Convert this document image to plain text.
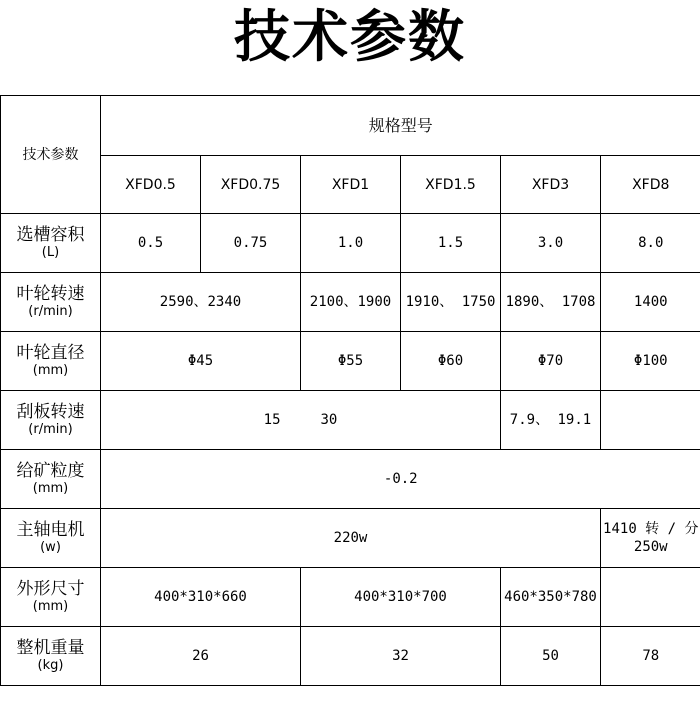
技术参数
技术参数	规格型号					
	XFD0.5	XFD0.75	XFD1	XFD1.5	XFD3	XFD8

选槽容积
(L)	0.5	0.75	1.0	1.5	3.0	8.0

叶轮转速
(r/min)	2590、2340		2100、1900	1910、 1750	1890、 1708	1400

叶轮直径
(mm)	Φ45		Φ55	Φ60	Φ70	Φ100

刮板转速
(r/min)	15 30				7.9、 19.1	

给矿粒度
(mm)	-0.2					

主轴电机
(w)	220w					1410 转 / 分
250w

外形尺寸
(mm)	400*310*660		400*310*700		460*350*780	

整机重量
(kg)	26		32		50	78
